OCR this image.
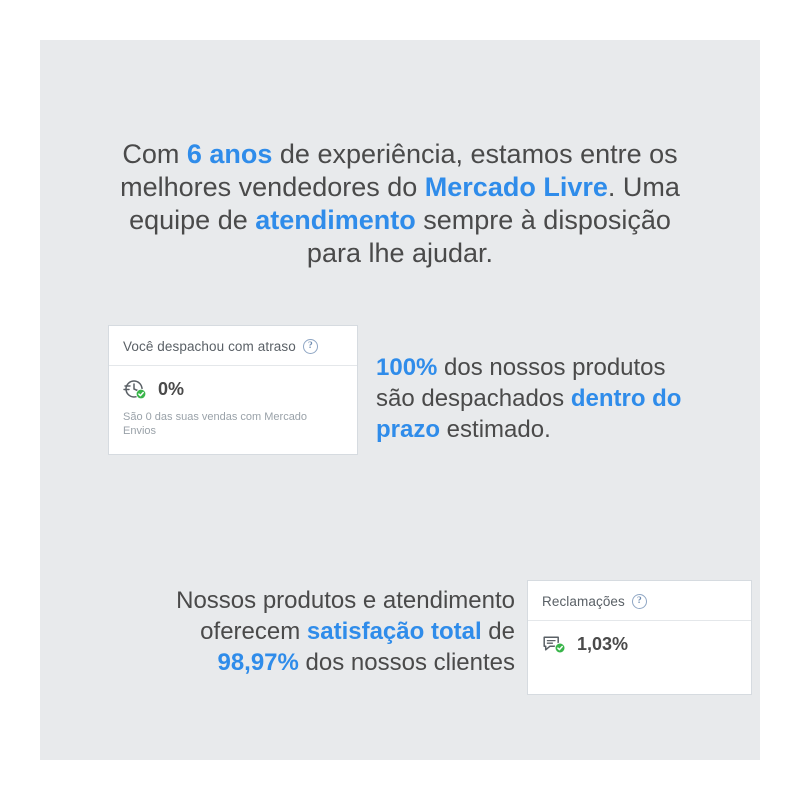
Com 6 anos de experiência, estamos entre os melhores vendedores do Mercado Livre. Uma equipe de atendimento sempre à disposição para lhe ajudar.
Você despachou com atraso	?
0%
São 0 das suas vendas com Mercado Envios
100% dos nossos produtos são despachados dentro do prazo estimado.
Nossos produtos e atendimento oferecem satisfação total de 98,97% dos nossos clientes
Reclamações	?
1,03%
